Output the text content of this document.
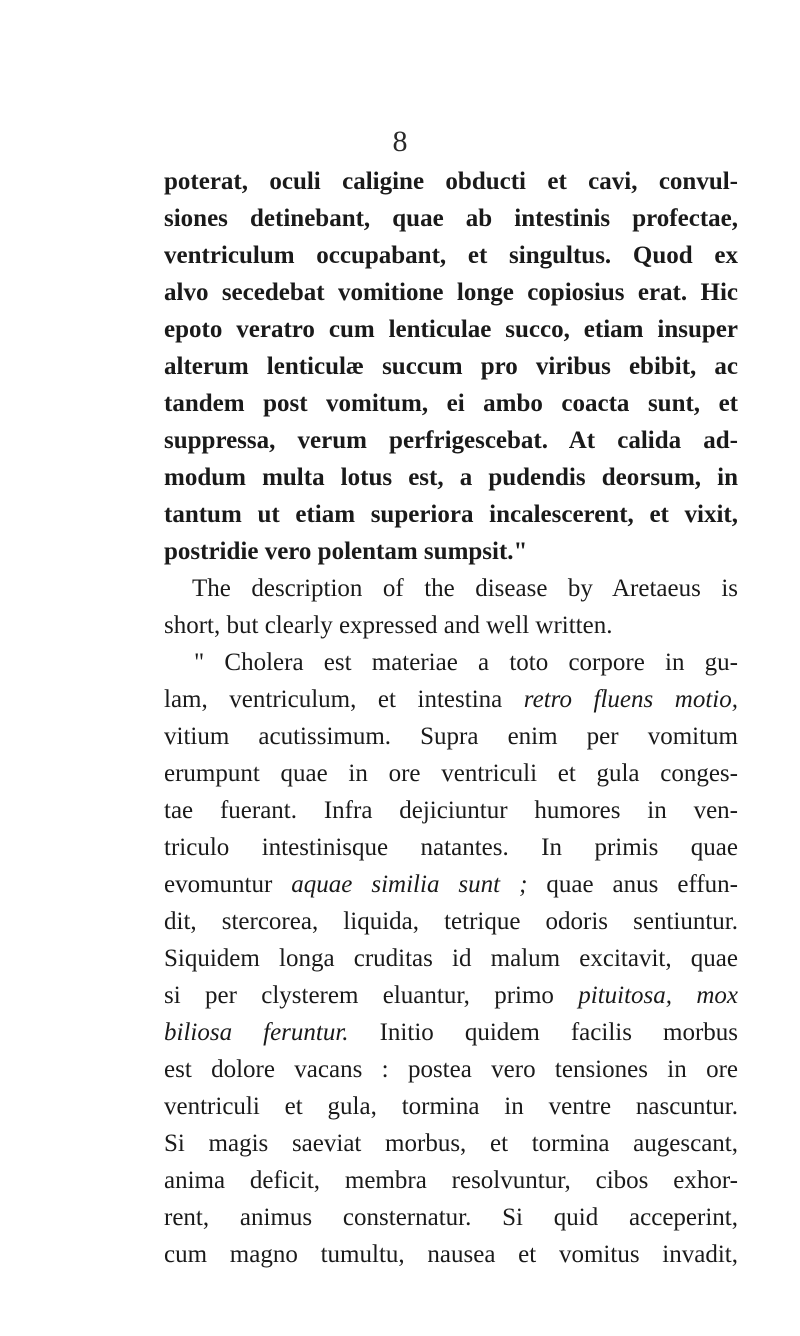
8
poterat, oculi caligine obducti et cavi, convul-
siones detinebant, quae ab intestinis profectae,
ventriculum occupabant, et singultus. Quod ex
alvo secedebat vomitione longe copiosius erat. Hic
epoto veratro cum lenticulae succo, etiam insuper
alterum lenticulæ succum pro viribus ebibit, ac
tandem post vomitum, ei ambo coacta sunt, et
suppressa, verum perfrigescebat. At calida ad-
modum multa lotus est, a pudendis deorsum, in
tantum ut etiam superiora incalescerent, et vixit,
postridie vero polentam sumpsit."
The description of the disease by Aretaeus is
short, but clearly expressed and well written.
" Cholera est materiae a toto corpore in gu-
lam, ventriculum, et intestina retro fluens motio,
vitium acutissimum. Supra enim per vomitum
erumpunt quae in ore ventriculi et gula conges-
tae fuerant. Infra dejiciuntur humores in ven-
triculo intestinisque natantes. In primis quae
evomuntur aquae similia sunt ; quae anus effun-
dit, stercorea, liquida, tetrique odoris sentiuntur.
Siquidem longa cruditas id malum excitavit, quae
si per clysterem eluantur, primo pituitosa, mox
biliosa feruntur. Initio quidem facilis morbus
est dolore vacans : postea vero tensiones in ore
ventriculi et gula, tormina in ventre nascuntur.
Si magis saeviat morbus, et tormina augescant,
anima deficit, membra resolvuntur, cibos exhor-
rent, animus consternatur. Si quid acceperint,
cum magno tumultu, nausea et vomitus invadit,
